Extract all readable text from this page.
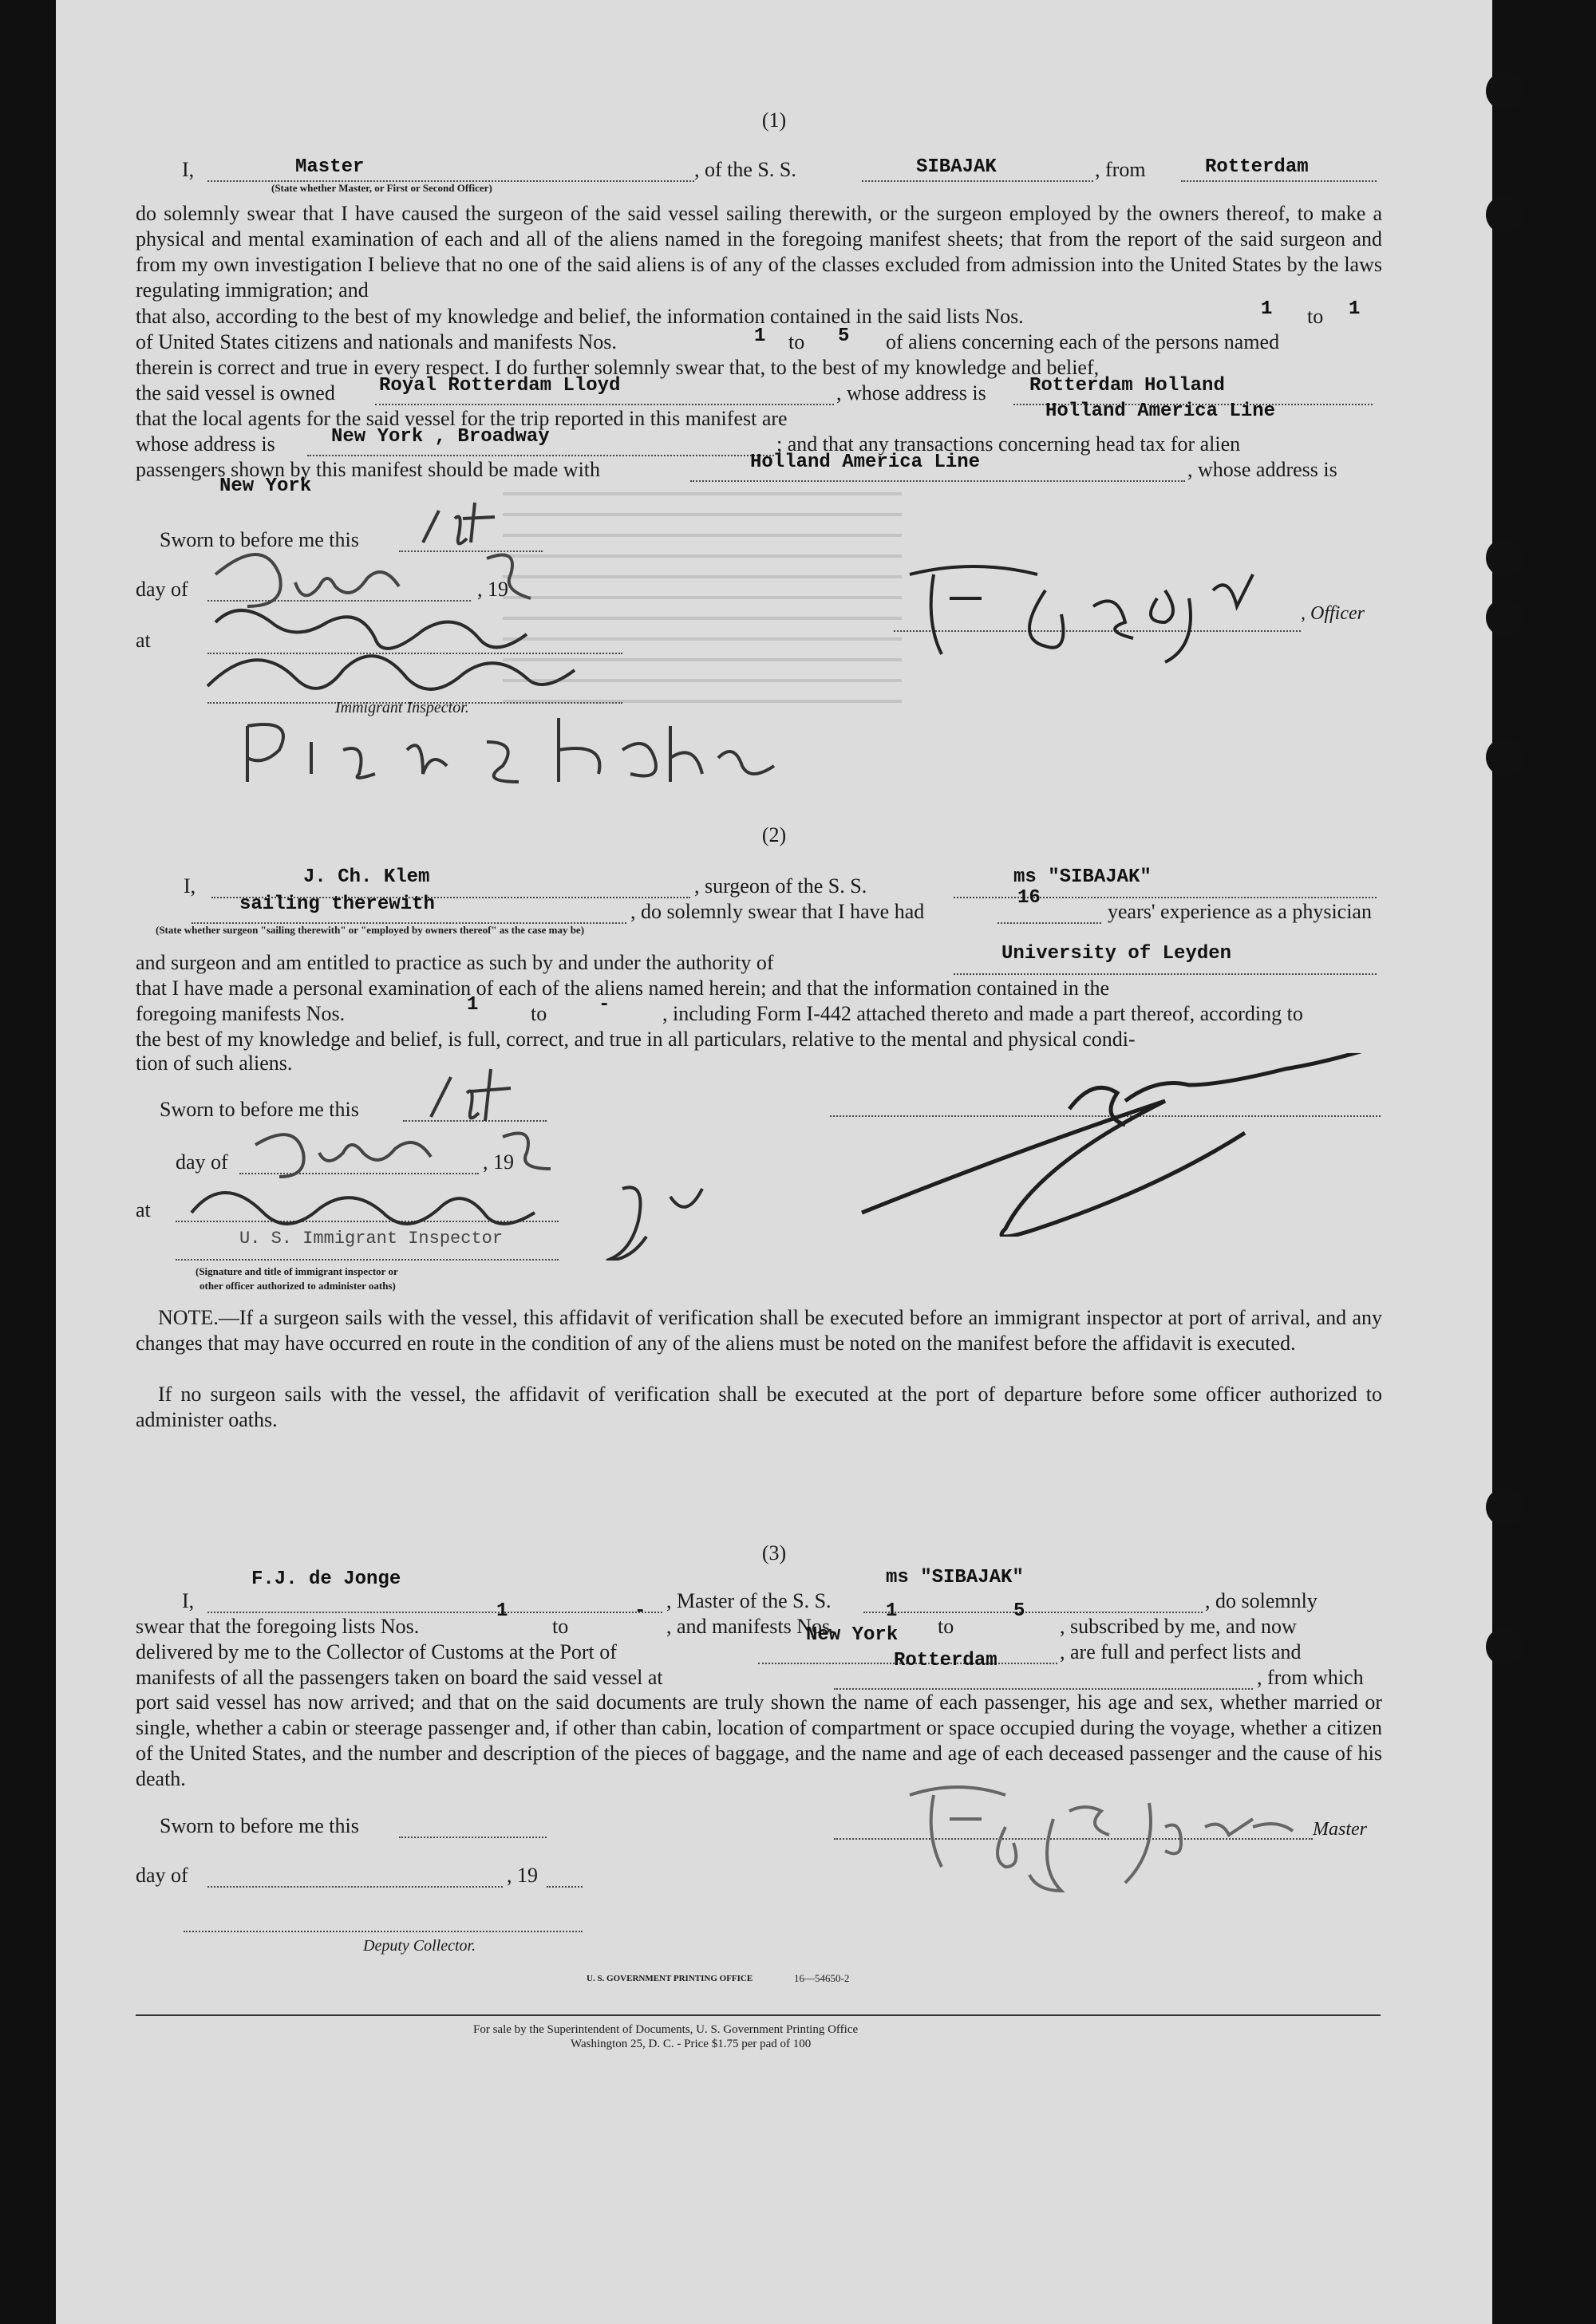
(1)
I,	Master
(State whether Master, or First or Second Officer)
, of the S. S.	SIBAJAK	, from	Rotterdam
do solemnly swear that I have caused the surgeon of the said vessel sailing therewith, or the surgeon employed by the owners thereof, to make a physical and mental examination of each and all of the aliens named in the foregoing manifest sheets; that from the report of the said surgeon and from my own investigation I believe that no one of the said aliens is of any of the classes excluded from admission into the United States by the laws regulating immigration; and
that also, according to the best of my knowledge and belief, the information contained in the said lists Nos.	1 to 1
of United States citizens and nationals and manifests Nos.	1 to 5 of aliens concerning each of the persons named
therein is correct and true in every respect. I do further solemnly swear that, to the best of my knowledge and belief,
the said vessel is owned Royal Rotterdam Lloyd	, whose address is Rotterdam Holland
that the local agents for the said vessel for the trip reported in this manifest are	Holland America Line
whose address is	New York , Broadway	; and that any transactions concerning head tax for alien
passengers shown by this manifest should be made with	Holland America Line	, whose address is
New York
Sworn to before me this
day of	, 19
at
Immigrant Inspector.
, Officer
(2)
I,	J. Ch. Klem	, surgeon of the S. S.	ms "SIBAJAK"
sailing therewith	, do solemnly swear that I have had
16
years' experience as a physician
(State whether surgeon "sailing therewith" or "employed by owners thereof" as the case may be)
and surgeon and am entitled to practice as such by and under the authority of	University of Leyden
that I have made a personal examination of each of the aliens named herein; and that the information contained in the
foregoing manifests Nos.	1	to	-	, including Form I-442 attached thereto and made a part thereof, according to
the best of my knowledge and belief, is full, correct, and true in all particulars, relative to the mental and physical condi-
tion of such aliens.
Sworn to before me this
day of	, 19
at
U. S. Immigrant Inspector
(Signature and title of immigrant inspector or
other officer authorized to administer oaths)
NOTE.—If a surgeon sails with the vessel, this affidavit of verification shall be executed before an immigrant inspector at port of arrival, and any changes that may have occurred en route in the condition of any of the aliens must be noted on the manifest before the affidavit is executed.
If no surgeon sails with the vessel, the affidavit of verification shall be executed at the port of departure before some officer authorized to administer oaths.
(3)
I,
F.J. de Jonge
, Master of the S. S.
ms "SIBAJAK"
, do solemnly
swear that the foregoing lists Nos.
1
to
-
, and manifests Nos.
1
to
5
, subscribed by me, and now
delivered by me to the Collector of Customs at the Port of
New York
, are full and perfect lists and
manifests of all the passengers taken on board the said vessel at
Rotterdam
, from which
port said vessel has now arrived; and that on the said documents are truly shown the name of each passenger, his age and sex, whether married or single, whether a cabin or steerage passenger and, if other than cabin, location of compartment or space occupied during the voyage, whether a citizen of the United States, and the number and description of the pieces of baggage, and the name and age of each deceased passenger and the cause of his death.
Sworn to before me this
day of	, 19
Deputy Collector.
Master
U. S. GOVERNMENT PRINTING OFFICE	16—54650-2
For sale by the Superintendent of Documents, U. S. Government Printing Office
Washington 25, D. C. - Price $1.75 per pad of 100
